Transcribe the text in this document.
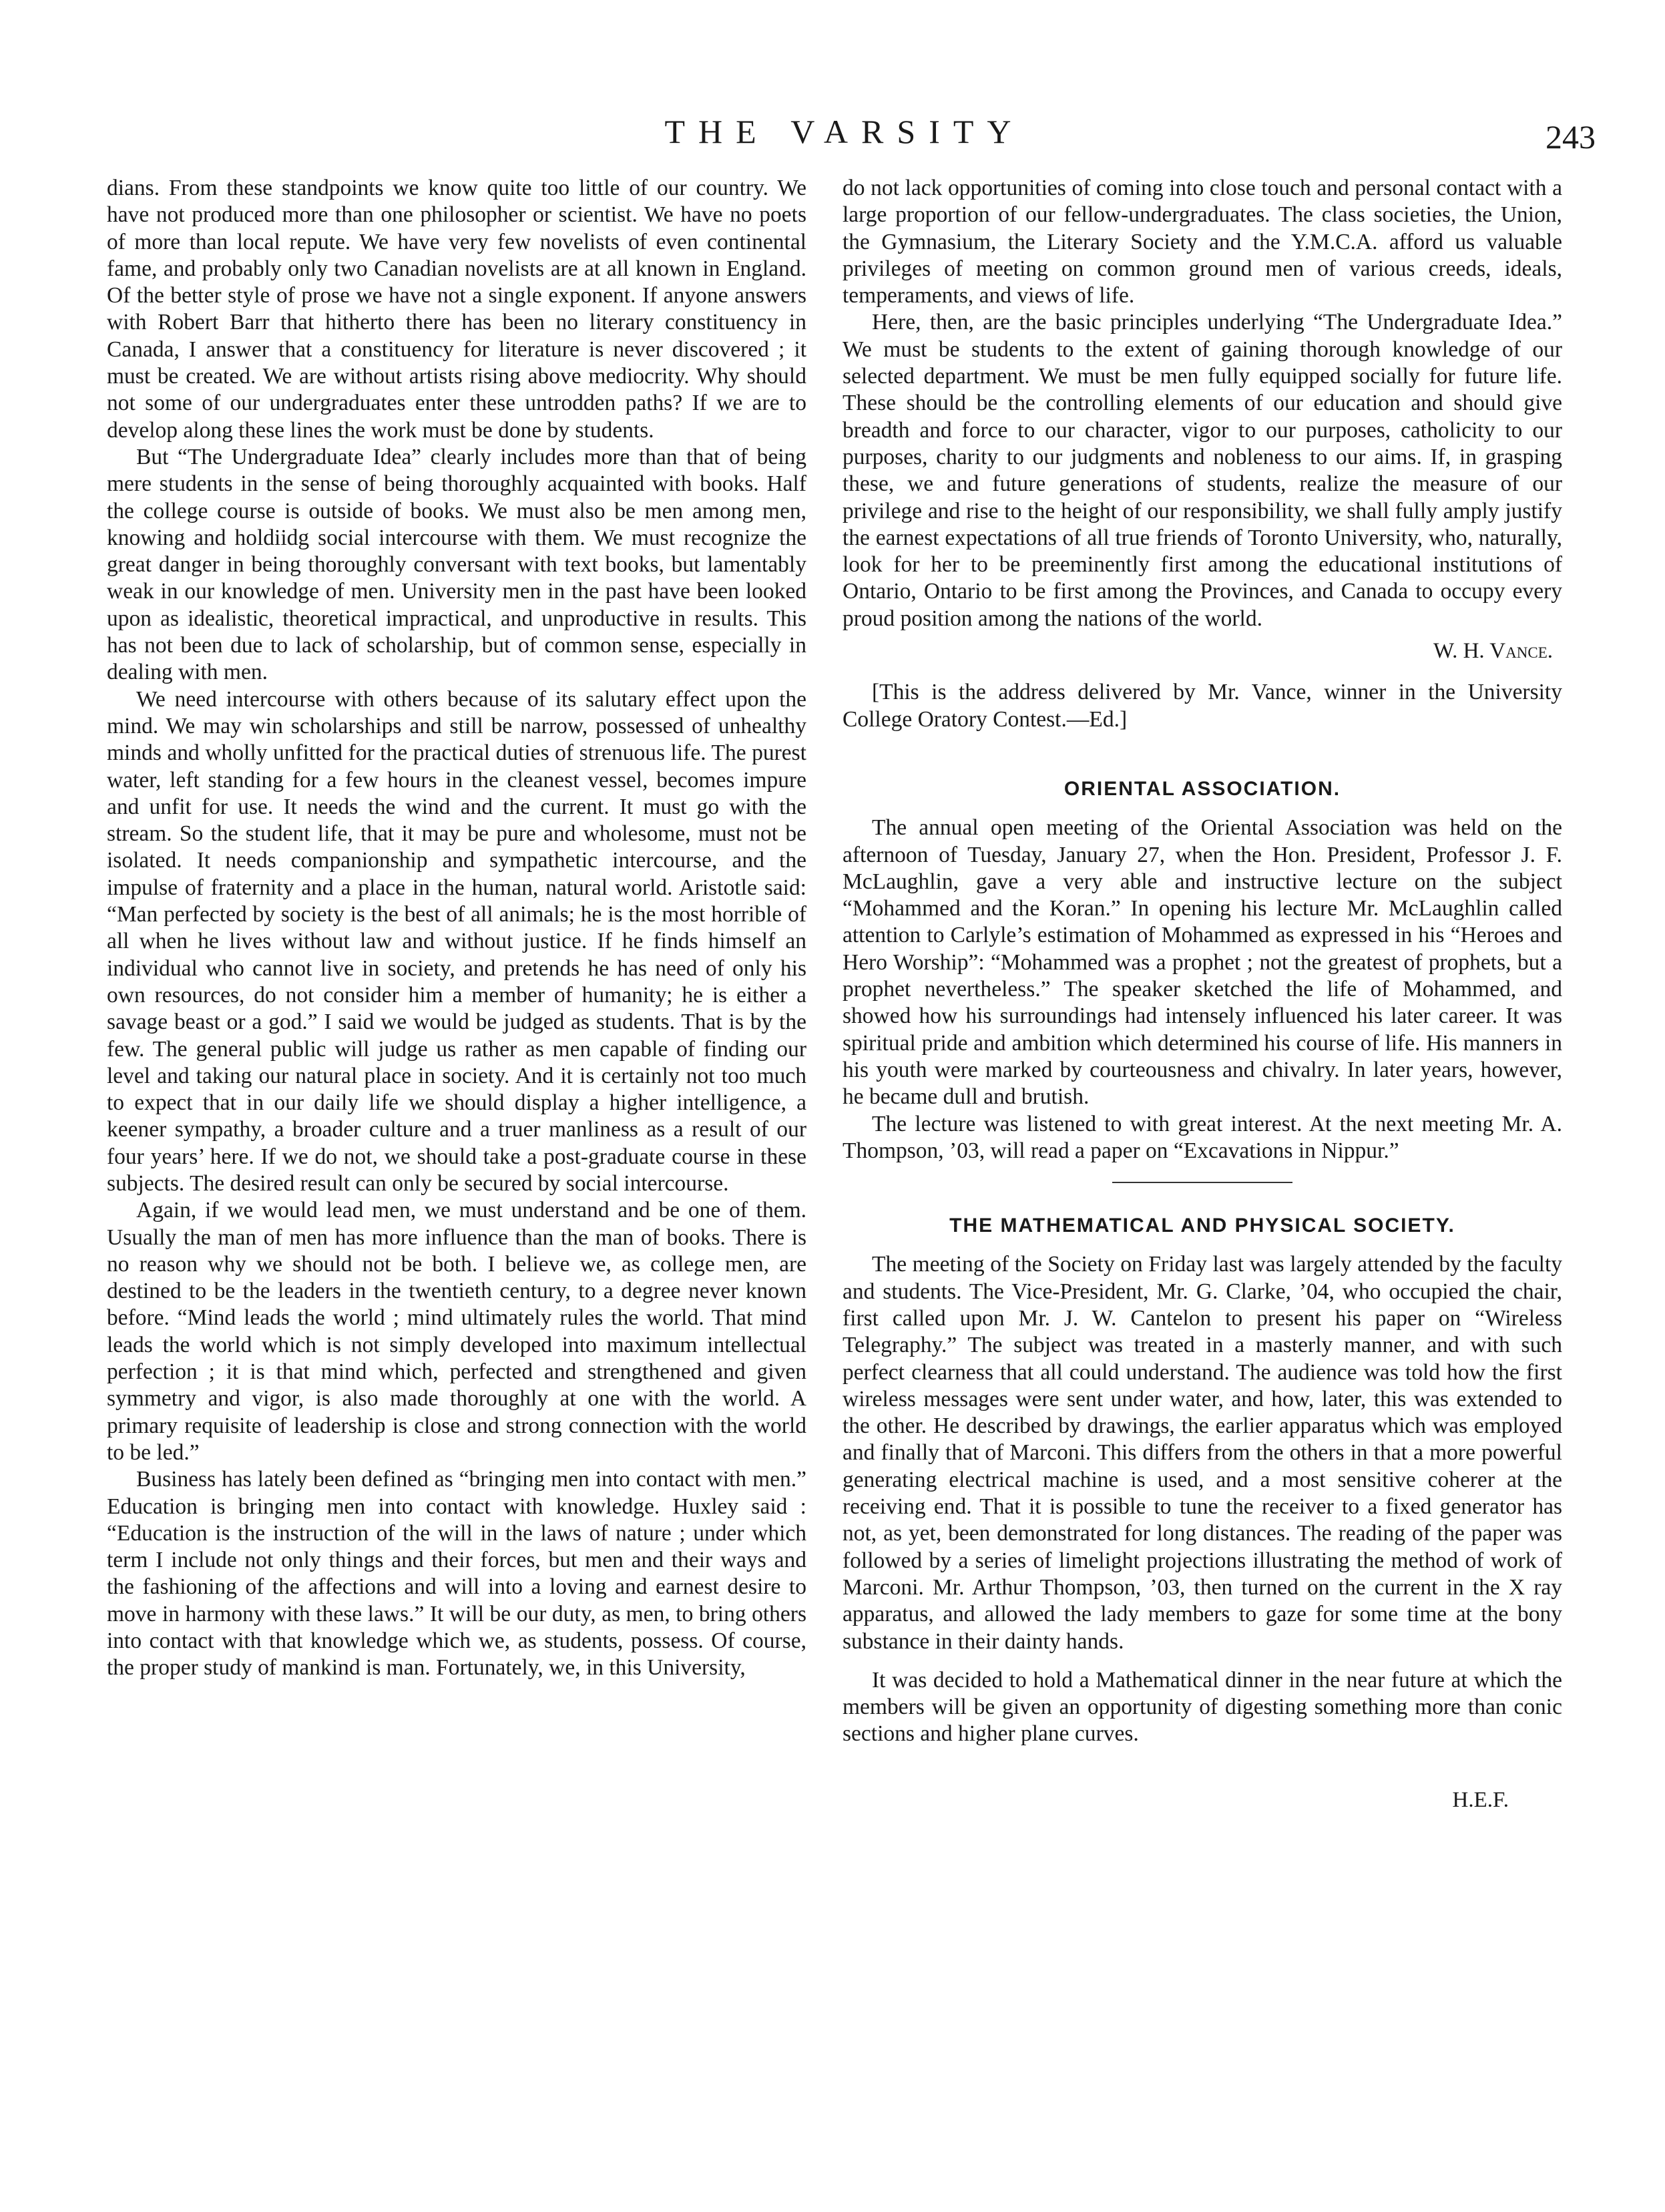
THE VARSITY	243

dians. From these standpoints we know quite too little of our country. We have not produced more than one philosopher or scientist. We have no poets of more than local repute. We have very few novelists of even continental fame, and probably only two Canadian novelists are at all known in England. Of the better style of prose we have not a single exponent. If anyone answers with Robert Barr that hitherto there has been no literary constituency in Canada, I answer that a constituency for literature is never discovered ; it must be created. We are without artists rising above mediocrity. Why should not some of our undergraduates enter these untrodden paths? If we are to develop along these lines the work must be done by students.

But “The Undergraduate Idea” clearly includes more than that of being mere students in the sense of being thoroughly acquainted with books. Half the college course is outside of books. We must also be men among men, knowing and holdiidg social intercourse with them. We must recognize the great danger in being thoroughly conversant with text books, but lamentably weak in our knowledge of men. University men in the past have been looked upon as idealistic, theoretical impractical, and unproductive in results. This has not been due to lack of scholarship, but of common sense, especially in dealing with men.

We need intercourse with others because of its salutary effect upon the mind. We may win scholarships and still be narrow, possessed of unhealthy minds and wholly unfitted for the practical duties of strenuous life. The purest water, left standing for a few hours in the cleanest vessel, becomes impure and unfit for use. It needs the wind and the current. It must go with the stream. So the student life, that it may be pure and wholesome, must not be isolated. It needs companionship and sympathetic intercourse, and the impulse of fraternity and a place in the human, natural world. Aristotle said: “Man perfected by society is the best of all animals; he is the most horrible of all when he lives without law and without justice. If he finds himself an individual who cannot live in society, and pretends he has need of only his own resources, do not consider him a member of humanity; he is either a savage beast or a god.” I said we would be judged as students. That is by the few. The general public will judge us rather as men capable of finding our level and taking our natural place in society. And it is certainly not too much to expect that in our daily life we should display a higher intelligence, a keener sympathy, a broader culture and a truer manliness as a result of our four years’ here. If we do not, we should take a post-graduate course in these subjects. The desired result can only be secured by social intercourse.

Again, if we would lead men, we must understand and be one of them. Usually the man of men has more influence than the man of books. There is no reason why we should not be both. I believe we, as college men, are destined to be the leaders in the twentieth century, to a degree never known before. “Mind leads the world ; mind ultimately rules the world. That mind leads the world which is not simply developed into maximum intellectual perfection ; it is that mind which, perfected and strengthened and given symmetry and vigor, is also made thoroughly at one with the world. A primary requisite of leadership is close and strong connection with the world to be led.”

Business has lately been defined as “bringing men into contact with men.” Education is bringing men into contact with knowledge. Huxley said : “Education is the instruction of the will in the laws of nature ; under which term I include not only things and their forces, but men and their ways and the fashioning of the affections and will into a loving and earnest desire to move in harmony with these laws.” It will be our duty, as men, to bring others into contact with that knowledge which we, as students, possess. Of course, the proper study of mankind is man. Fortunately, we, in this University,

do not lack opportunities of coming into close touch and personal contact with a large proportion of our fellow-undergraduates. The class societies, the Union, the Gymnasium, the Literary Society and the Y.M.C.A. afford us valuable privileges of meeting on common ground men of various creeds, ideals, temperaments, and views of life.

Here, then, are the basic principles underlying “The Undergraduate Idea.” We must be students to the extent of gaining thorough knowledge of our selected department. We must be men fully equipped socially for future life. These should be the controlling elements of our education and should give breadth and force to our character, vigor to our purposes, catholicity to our purposes, charity to our judgments and nobleness to our aims. If, in grasping these, we and future generations of students, realize the measure of our privilege and rise to the height of our responsibility, we shall fully amply justify the earnest expectations of all true friends of Toronto University, who, naturally, look for her to be preeminently first among the educational institutions of Ontario, Ontario to be first among the Provinces, and Canada to occupy every proud position among the nations of the world.

W. H. Vance.

[This is the address delivered by Mr. Vance, winner in the University College Oratory Contest.—Ed.]

ORIENTAL ASSOCIATION.

The annual open meeting of the Oriental Association was held on the afternoon of Tuesday, January 27, when the Hon. President, Professor J. F. McLaughlin, gave a very able and instructive lecture on the subject “Mohammed and the Koran.” In opening his lecture Mr. McLaughlin called attention to Carlyle’s estimation of Mohammed as expressed in his “Heroes and Hero Worship”: “Mohammed was a prophet ; not the greatest of prophets, but a prophet nevertheless.” The speaker sketched the life of Mohammed, and showed how his surroundings had intensely influenced his later career. It was spiritual pride and ambition which determined his course of life. His manners in his youth were marked by courteousness and chivalry. In later years, however, he became dull and brutish.

The lecture was listened to with great interest. At the next meeting Mr. A. Thompson, ’03, will read a paper on “Excavations in Nippur.”

THE MATHEMATICAL AND PHYSICAL SOCIETY.

The meeting of the Society on Friday last was largely attended by the faculty and students. The Vice-President, Mr. G. Clarke, ’04, who occupied the chair, first called upon Mr. J. W. Cantelon to present his paper on “Wireless Telegraphy.” The subject was treated in a masterly manner, and with such perfect clearness that all could understand. The audience was told how the first wireless messages were sent under water, and how, later, this was extended to the other. He described by drawings, the earlier apparatus which was employed and finally that of Marconi. This differs from the others in that a more powerful generating electrical machine is used, and a most sensitive coherer at the receiving end. That it is possible to tune the receiver to a fixed generator has not, as yet, been demonstrated for long distances. The reading of the paper was followed by a series of limelight projections illustrating the method of work of Marconi. Mr. Arthur Thompson, ’03, then turned on the current in the X ray apparatus, and allowed the lady members to gaze for some time at the bony substance in their dainty hands.

It was decided to hold a Mathematical dinner in the near future at which the members will be given an opportunity of digesting something more than conic sections and higher plane curves.

H.E.F.
